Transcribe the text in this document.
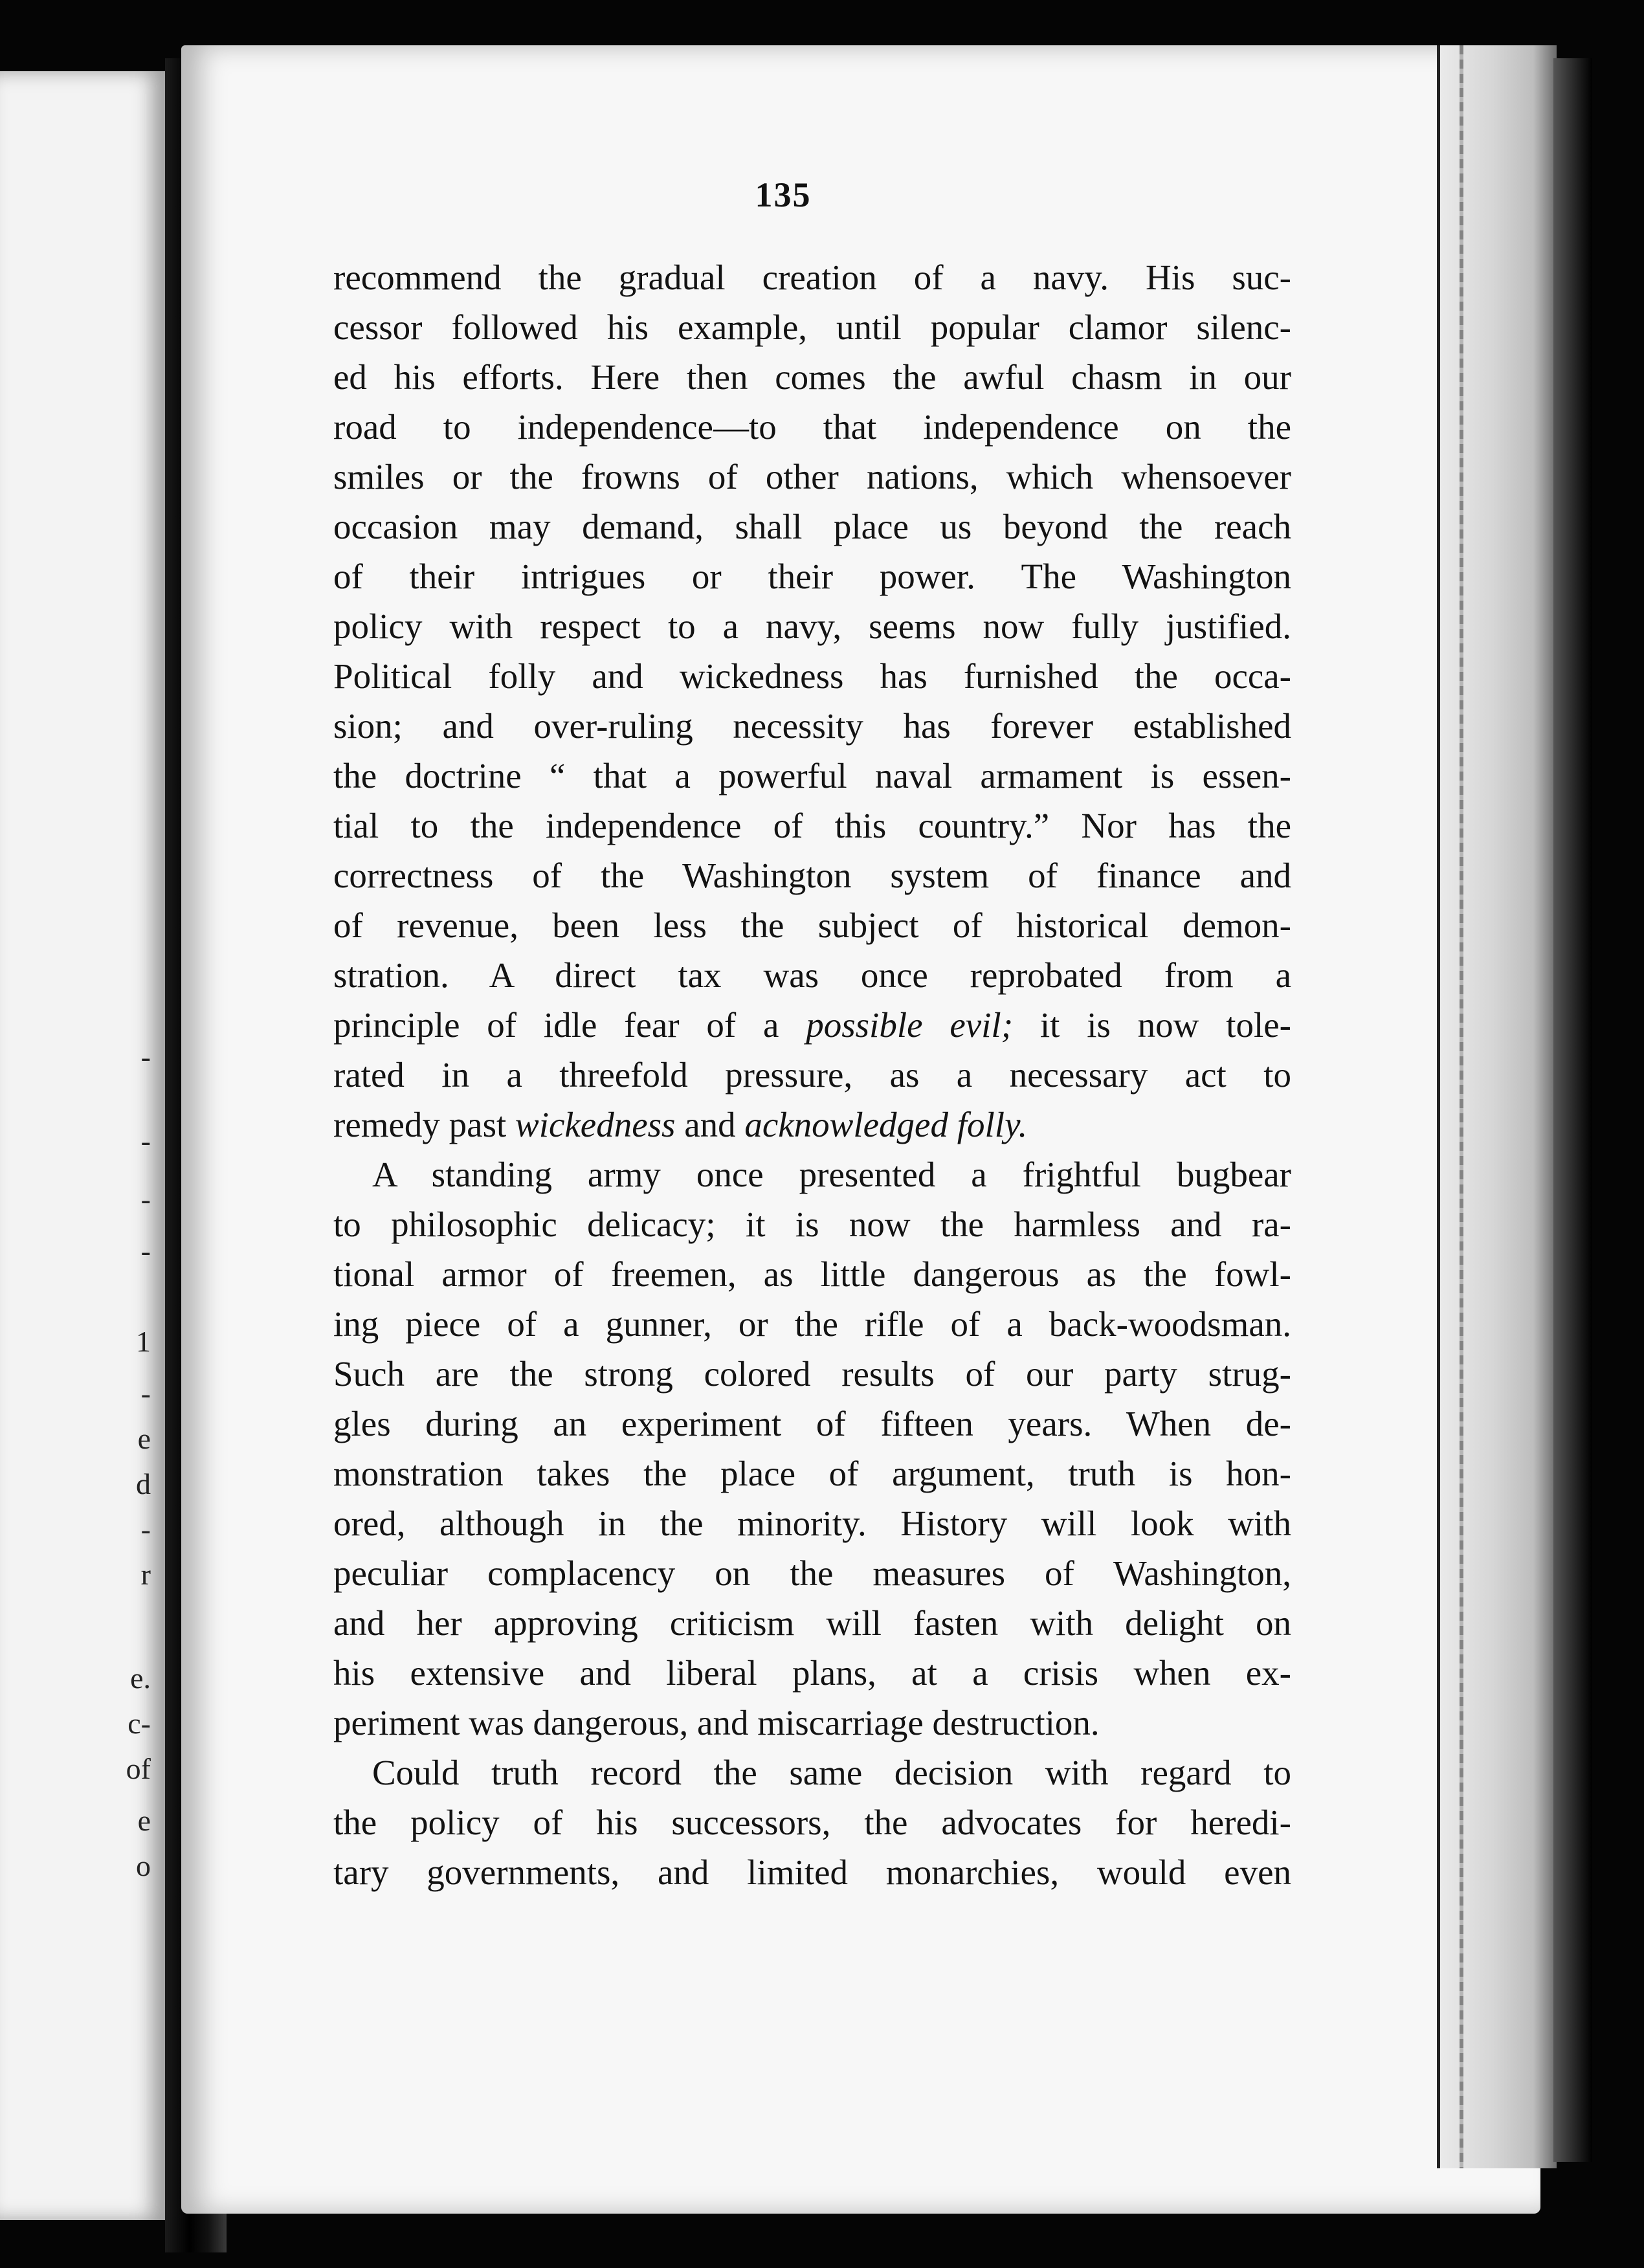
-
-
-
-
1
-
e
d
-
r
e.
c-
of
e
o
135
recommend the gradual creation of a navy. His suc-
cessor followed his example, until popular clamor silenc-
ed his efforts. Here then comes the awful chasm in our
road to independence—to that independence on the
smiles or the frowns of other nations, which whensoever
occasion may demand, shall place us beyond the reach
of their intrigues or their power. The Washington
policy with respect to a navy, seems now fully justified.
Political folly and wickedness has furnished the occa-
sion; and over-ruling necessity has forever established
the doctrine “ that a powerful naval armament is essen-
tial to the independence of this country.” Nor has the
correctness of the Washington system of finance and
of revenue, been less the subject of historical demon-
stration. A direct tax was once reprobated from a
principle of idle fear of a possible evil; it is now tole-
rated in a threefold pressure, as a necessary act to
remedy past wickedness and acknowledged folly.
A standing army once presented a frightful bugbear
to philosophic delicacy; it is now the harmless and ra-
tional armor of freemen, as little dangerous as the fowl-
ing piece of a gunner, or the rifle of a back-woodsman.
Such are the strong colored results of our party strug-
gles during an experiment of fifteen years. When de-
monstration takes the place of argument, truth is hon-
ored, although in the minority. History will look with
peculiar complacency on the measures of Washington,
and her approving criticism will fasten with delight on
his extensive and liberal plans, at a crisis when ex-
periment was dangerous, and miscarriage destruction.
Could truth record the same decision with regard to
the policy of his successors, the advocates for heredi-
tary governments, and limited monarchies, would even
